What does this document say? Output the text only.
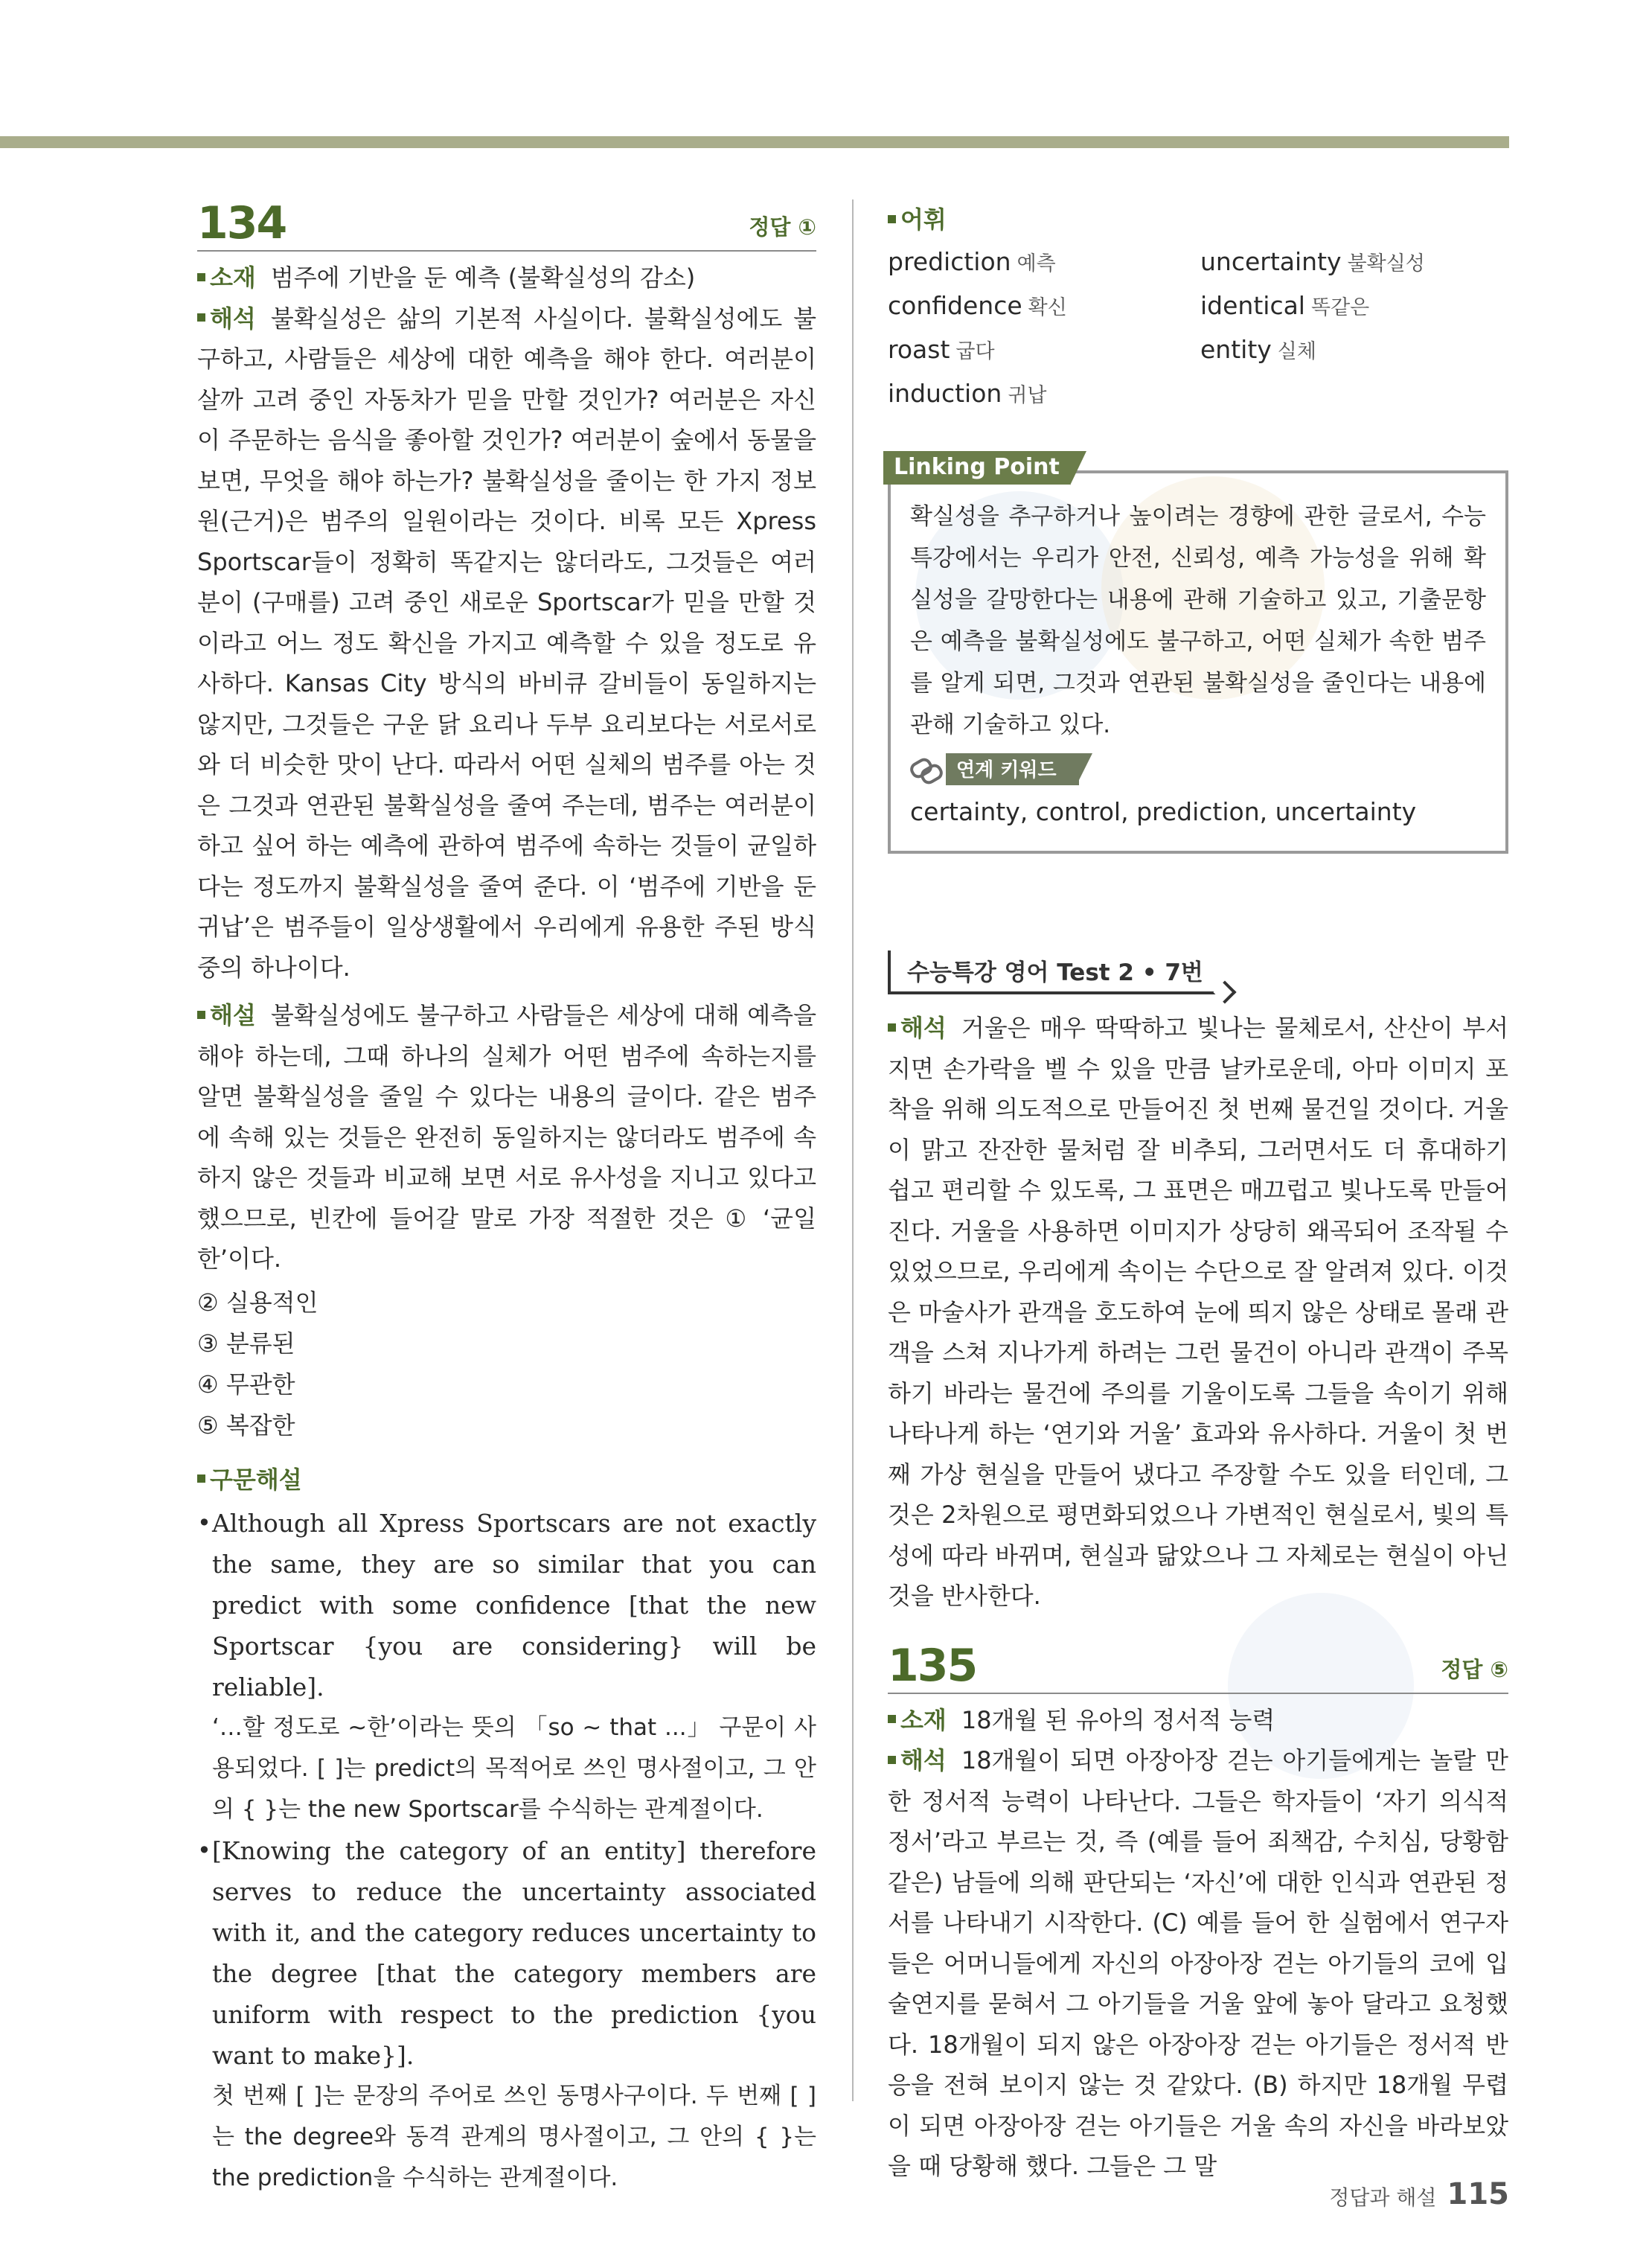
134	정답 ①

소재 범주에 기반을 둔 예측 (불확실성의 감소)

해석 불확실성은 삶의 기본적 사실이다. 불확실성에도 불구하고, 사람들은 세상에 대한 예측을 해야 한다. 여러분이 살까 고려 중인 자동차가 믿을 만할 것인가? 여러분은 자신이 주문하는 음식을 좋아할 것인가? 여러분이 숲에서 동물을 보면, 무엇을 해야 하는가? 불확실성을 줄이는 한 가지 정보원(근거)은 범주의 일원이라는 것이다. 비록 모든 Xpress Sportscar들이 정확히 똑같지는 않더라도, 그것들은 여러분이 (구매를) 고려 중인 새로운 Sportscar가 믿을 만할 것이라고 어느 정도 확신을 가지고 예측할 수 있을 정도로 유사하다. Kansas City 방식의 바비큐 갈비들이 동일하지는 않지만, 그것들은 구운 닭 요리나 두부 요리보다는 서로서로와 더 비슷한 맛이 난다. 따라서 어떤 실체의 범주를 아는 것은 그것과 연관된 불확실성을 줄여 주는데, 범주는 여러분이 하고 싶어 하는 예측에 관하여 범주에 속하는 것들이 균일하다는 정도까지 불확실성을 줄여 준다. 이 ‘범주에 기반을 둔 귀납’은 범주들이 일상생활에서 우리에게 유용한 주된 방식 중의 하나이다.

해설 불확실성에도 불구하고 사람들은 세상에 대해 예측을 해야 하는데, 그때 하나의 실체가 어떤 범주에 속하는지를 알면 불확실성을 줄일 수 있다는 내용의 글이다. 같은 범주에 속해 있는 것들은 완전히 동일하지는 않더라도 범주에 속하지 않은 것들과 비교해 보면 서로 유사성을 지니고 있다고 했으므로, 빈칸에 들어갈 말로 가장 적절한 것은 ① ‘균일한’이다.

② 실용적인
③ 분류된
④ 무관한
⑤ 복잡한
구문해설
• Although all Xpress Sportscars are not exactly the same, they are so similar that you can predict with some confidence [that the new Sportscar {you are considering} will be reliable].
‘…할 정도로 ~한’이라는 뜻의 「so ~ that ...」 구문이 사용되었다. [ ]는 predict의 목적어로 쓰인 명사절이고, 그 안의 { }는 the new Sportscar를 수식하는 관계절이다.
• [Knowing the category of an entity] therefore serves to reduce the uncertainty associated with it, and the category reduces uncertainty to the degree [that the category members are uniform with respect to the prediction {you want to make}].
첫 번째 [ ]는 문장의 주어로 쓰인 동명사구이다. 두 번째 [ ]는 the degree와 동격 관계의 명사절이고, 그 안의 { }는 the prediction을 수식하는 관계절이다.
어휘
prediction 예측	uncertainty 불확실성
confidence 확신	identical 똑같은
roast 굽다	entity 실체
induction 귀납
Linking Point

확실성을 추구하거나 높이려는 경향에 관한 글로서, 수능특강에서는 우리가 안전, 신뢰성, 예측 가능성을 위해 확실성을 갈망한다는 내용에 관해 기술하고 있고, 기출문항은 예측을 불확실성에도 불구하고, 어떤 실체가 속한 범주를 알게 되면, 그것과 연관된 불확실성을 줄인다는 내용에 관해 기술하고 있다.

연계 키워드
certainty, control, prediction, uncertainty
수능특강 영어 Test 2 • 7번

해석 거울은 매우 딱딱하고 빛나는 물체로서, 산산이 부서지면 손가락을 벨 수 있을 만큼 날카로운데, 아마 이미지 포착을 위해 의도적으로 만들어진 첫 번째 물건일 것이다. 거울이 맑고 잔잔한 물처럼 잘 비추되, 그러면서도 더 휴대하기 쉽고 편리할 수 있도록, 그 표면은 매끄럽고 빛나도록 만들어진다. 거울을 사용하면 이미지가 상당히 왜곡되어 조작될 수 있었으므로, 우리에게 속이는 수단으로 잘 알려져 있다. 이것은 마술사가 관객을 호도하여 눈에 띄지 않은 상태로 몰래 관객을 스쳐 지나가게 하려는 그런 물건이 아니라 관객이 주목하기 바라는 물건에 주의를 기울이도록 그들을 속이기 위해 나타나게 하는 ‘연기와 거울’ 효과와 유사하다. 거울이 첫 번째 가상 현실을 만들어 냈다고 주장할 수도 있을 터인데, 그것은 2차원으로 평면화되었으나 가변적인 현실로서, 빛의 특성에 따라 바뀌며, 현실과 닮았으나 그 자체로는 현실이 아닌 것을 반사한다.

135	정답 ⑤

소재 18개월 된 유아의 정서적 능력

해석 18개월이 되면 아장아장 걷는 아기들에게는 놀랄 만한 정서적 능력이 나타난다. 그들은 학자들이 ‘자기 의식적 정서’라고 부르는 것, 즉 (예를 들어 죄책감, 수치심, 당황함 같은) 남들에 의해 판단되는 ‘자신’에 대한 인식과 연관된 정서를 나타내기 시작한다. (C) 예를 들어 한 실험에서 연구자들은 어머니들에게 자신의 아장아장 걷는 아기들의 코에 입술연지를 묻혀서 그 아기들을 거울 앞에 놓아 달라고 요청했다. 18개월이 되지 않은 아장아장 걷는 아기들은 정서적 반응을 전혀 보이지 않는 것 같았다. (B) 하지만 18개월 무렵이 되면 아장아장 걷는 아기들은 거울 속의 자신을 바라보았을 때 당황해 했다. 그들은 그 말

정답과 해설 115
